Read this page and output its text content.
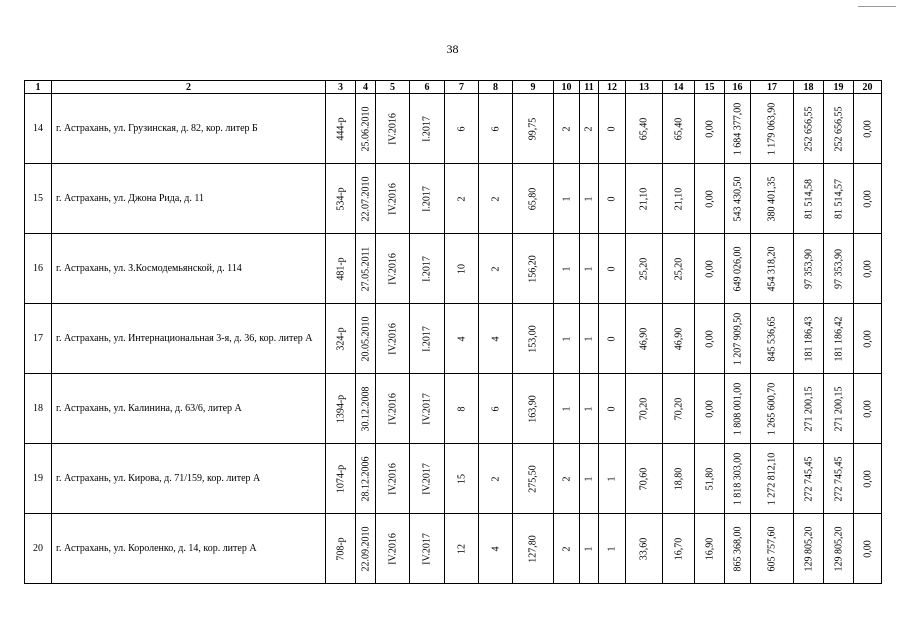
38
1	2	3	4	5	6	7	8	9	10	11	12	13	14	15	16	17	18	19	20
14	г. Астрахань, ул. Грузинская, д. 82, кор. литер Б	444-р	25.06.2010	IV.2016	I.2017	6	6	99,75	2	2	0	65,40	65,40	0,00	1 684 377,00	1 179 063,90	252 656,55	252 656,55	0,00

15	г. Астрахань, ул. Джона Рида, д. 11	534-р	22.07.2010	IV.2016	I.2017	2	2	65,80	1	1	0	21,10	21,10	0,00	543 430,50	380 401,35	81 514,58	81 514,57	0,00

16	г. Астрахань, ул. З.Космодемьянской, д. 114	481-р	27.05.2011	IV.2016	I.2017	10	2	156,20	1	1	0	25,20	25,20	0,00	649 026,00	454 318,20	97 353,90	97 353,90	0,00

17	г. Астрахань, ул. Интернациональная 3-я, д. 36, кор. литер А	324-р	20.05.2010	IV.2016	I.2017	4	4	153,00	1	1	0	46,90	46,90	0,00	1 207 909,50	845 536,65	181 186,43	181 186,42	0,00

18	г. Астрахань, ул. Калинина, д. 63/6, литер А	1394-р	30.12.2008	IV.2016	IV.2017	8	6	163,90	1	1	0	70,20	70,20	0,00	1 808 001,00	1 265 600,70	271 200,15	271 200,15	0,00

19	г. Астрахань, ул. Кирова, д. 71/159, кор. литер А	1074-р	28.12.2006	IV.2016	IV.2017	15	2	275,50	2	1	1	70,60	18,80	51,80	1 818 303,00	1 272 812,10	272 745,45	272 745,45	0,00

20	г. Астрахань, ул. Короленко, д. 14, кор. литер А	708-р	22.09.2010	IV.2016	IV.2017	12	4	127,80	2	1	1	33,60	16,70	16,90	865 368,00	605 757,60	129 805,20	129 805,20	0,00
